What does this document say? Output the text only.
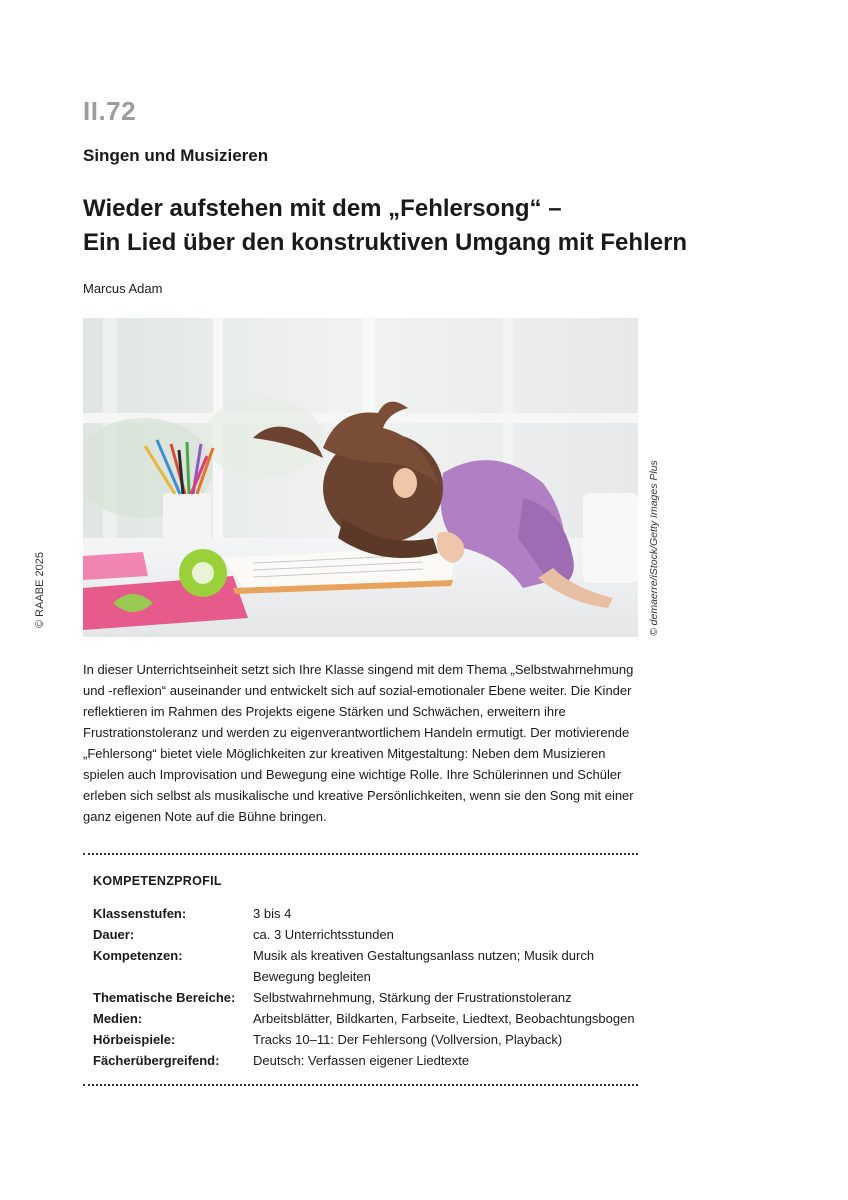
II.72
Singen und Musizieren
Wieder aufstehen mit dem „Fehlersong“ –
Ein Lied über den konstruktiven Umgang mit Fehlern
Marcus Adam
© RAABE 2025	© demaerre/iStock/Getty Images Plus

In dieser Unterrichtseinheit setzt sich Ihre Klasse singend mit dem Thema „Selbstwahrnehmung und -reflexion“ auseinander und entwickelt sich auf sozial-emotionaler Ebene weiter. Die Kinder reflektieren im Rahmen des Projekts eigene Stärken und Schwächen, erweitern ihre Frustrationstoleranz und werden zu eigenverantwortlichem Handeln ermutigt. Der motivierende „Fehlersong“ bietet viele Möglichkeiten zur kreativen Mitgestaltung: Neben dem Musizieren spielen auch Improvisation und Bewegung eine wichtige Rolle. Ihre Schülerinnen und Schüler erleben sich selbst als musikalische und kreative Persönlichkeiten, wenn sie den Song mit einer ganz eigenen Note auf die Bühne bringen.

KOMPETENZPROFIL
Klassenstufen:	3 bis 4
Dauer:	ca. 3 Unterrichtsstunden
Kompetenzen:	Musik als kreativen Gestaltungsanlass nutzen; Musik durch Bewegung begleiten
Thematische Bereiche:	Selbstwahrnehmung, Stärkung der Frustrationstoleranz
Medien:	Arbeitsblätter, Bildkarten, Farbseite, Liedtext, Beobachtungsbogen
Hörbeispiele:	Tracks 10–11: Der Fehlersong (Vollversion, Playback)
Fächerübergreifend:	Deutsch: Verfassen eigener Liedtexte
